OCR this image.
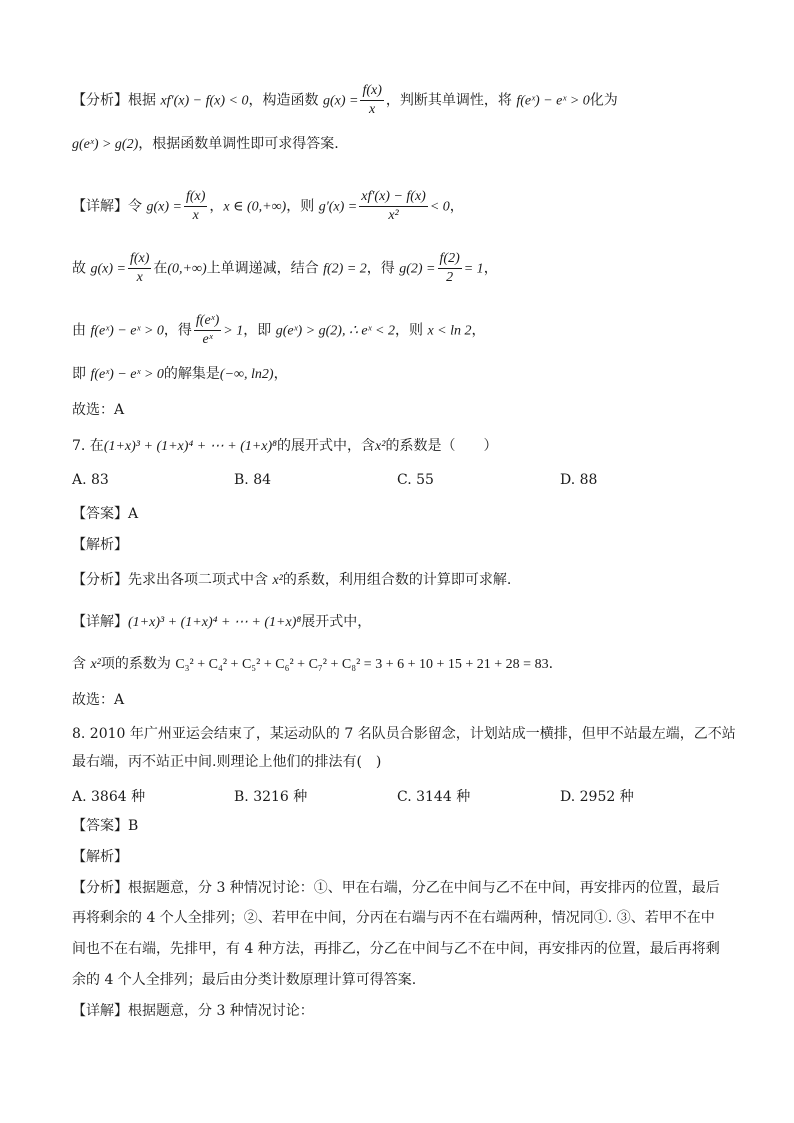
【分析】根据 xf′(x) − f(x) < 0，构造函数 $g(x) = \frac{f(x)}{x}$ ，判断其单调性，将 f(eˣ) − eˣ > 0化为
g(eˣ) > g(2)，根据函数单调性即可求得答案.
【详解】令 $g(x) = \frac{f(x)}{x}$ ，x ∈ (0,+∞)，则 $g'(x) = \frac{xf'(x) - f(x)}{\text{x²}} < 0$，
故 $g(x) = \frac{f(x)}{x}$ 在(0,+∞)上单调递减，结合 f(2) = 2，得 $g(2) = \frac{f(2)}{2} = 1$，
由 f(eˣ) − eˣ > 0，得 $\frac{\text{f(eˣ)}}{\text{eˣ}} > 1$，即 g(eˣ) > g(2), ∴ eˣ < 2，则 x < ln 2，
即 f(eˣ) − eˣ > 0的解集是(−∞, ln2)，
故选：A
7. 在(1+x)³ + (1+x)⁴ + ⋯ + (1+x)⁸的展开式中，含x²的系数是（　　）
A. 83	B. 84	C. 55	D. 88
【答案】A
【解析】
【分析】先求出各项二项式中含 x²的系数，利用组合数的计算即可求解.
【详解】(1+x)³ + (1+x)⁴ + ⋯ + (1+x)⁸展开式中，
含 x²项的系数为 C₃² + C₄² + C₅² + C₆² + C₇² + C₈² = 3 + 6 + 10 + 15 + 21 + 28 = 83.
故选：A
8. 2010 年广州亚运会结束了，某运动队的 7 名队员合影留念，计划站成一横排，但甲不站最左端，乙不站
最右端，丙不站正中间.则理论上他们的排法有(　)
A. 3864 种	B. 3216 种	C. 3144 种	D. 2952 种
【答案】B
【解析】
【分析】根据题意，分 3 种情况讨论：①、甲在右端，分乙在中间与乙不在中间，再安排丙的位置，最后
再将剩余的 4 个人全排列；②、若甲在中间，分丙在右端与丙不在右端两种，情况同①. ③、若甲不在中
间也不在右端，先排甲，有 4 种方法，再排乙，分乙在中间与乙不在中间，再安排丙的位置，最后再将剩
余的 4 个人全排列；最后由分类计数原理计算可得答案.
【详解】根据题意，分 3 种情况讨论：
